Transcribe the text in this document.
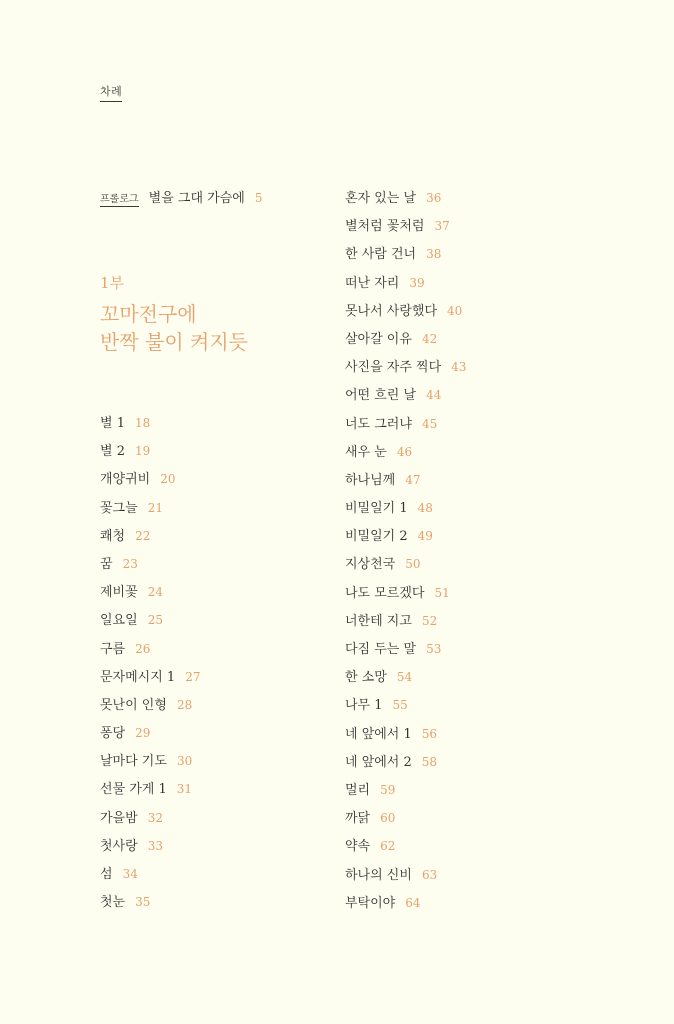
차례
프롤로그 별을 그대 가슴에 5
1부
꼬마전구에
반짝 불이 켜지듯
별 1 18
별 2 19
개양귀비 20
꽃그늘 21
쾌청 22
꿈 23
제비꽃 24
일요일 25
구름 26
문자메시지 1 27
못난이 인형 28
퐁당 29
날마다 기도 30
선물 가게 1 31
가을밤 32
첫사랑 33
섬 34
첫눈 35
혼자 있는 날 36
별처럼 꽃처럼 37
한 사람 건너 38
떠난 자리 39
못나서 사랑했다 40
살아갈 이유 42
사진을 자주 찍다 43
어떤 흐린 날 44
너도 그러냐 45
새우 눈 46
하나님께 47
비밀일기 1 48
비밀일기 2 49
지상천국 50
나도 모르겠다 51
너한테 지고 52
다짐 두는 말 53
한 소망 54
나무 1 55
네 앞에서 1 56
네 앞에서 2 58
멀리 59
까닭 60
약속 62
하나의 신비 63
부탁이야 64
